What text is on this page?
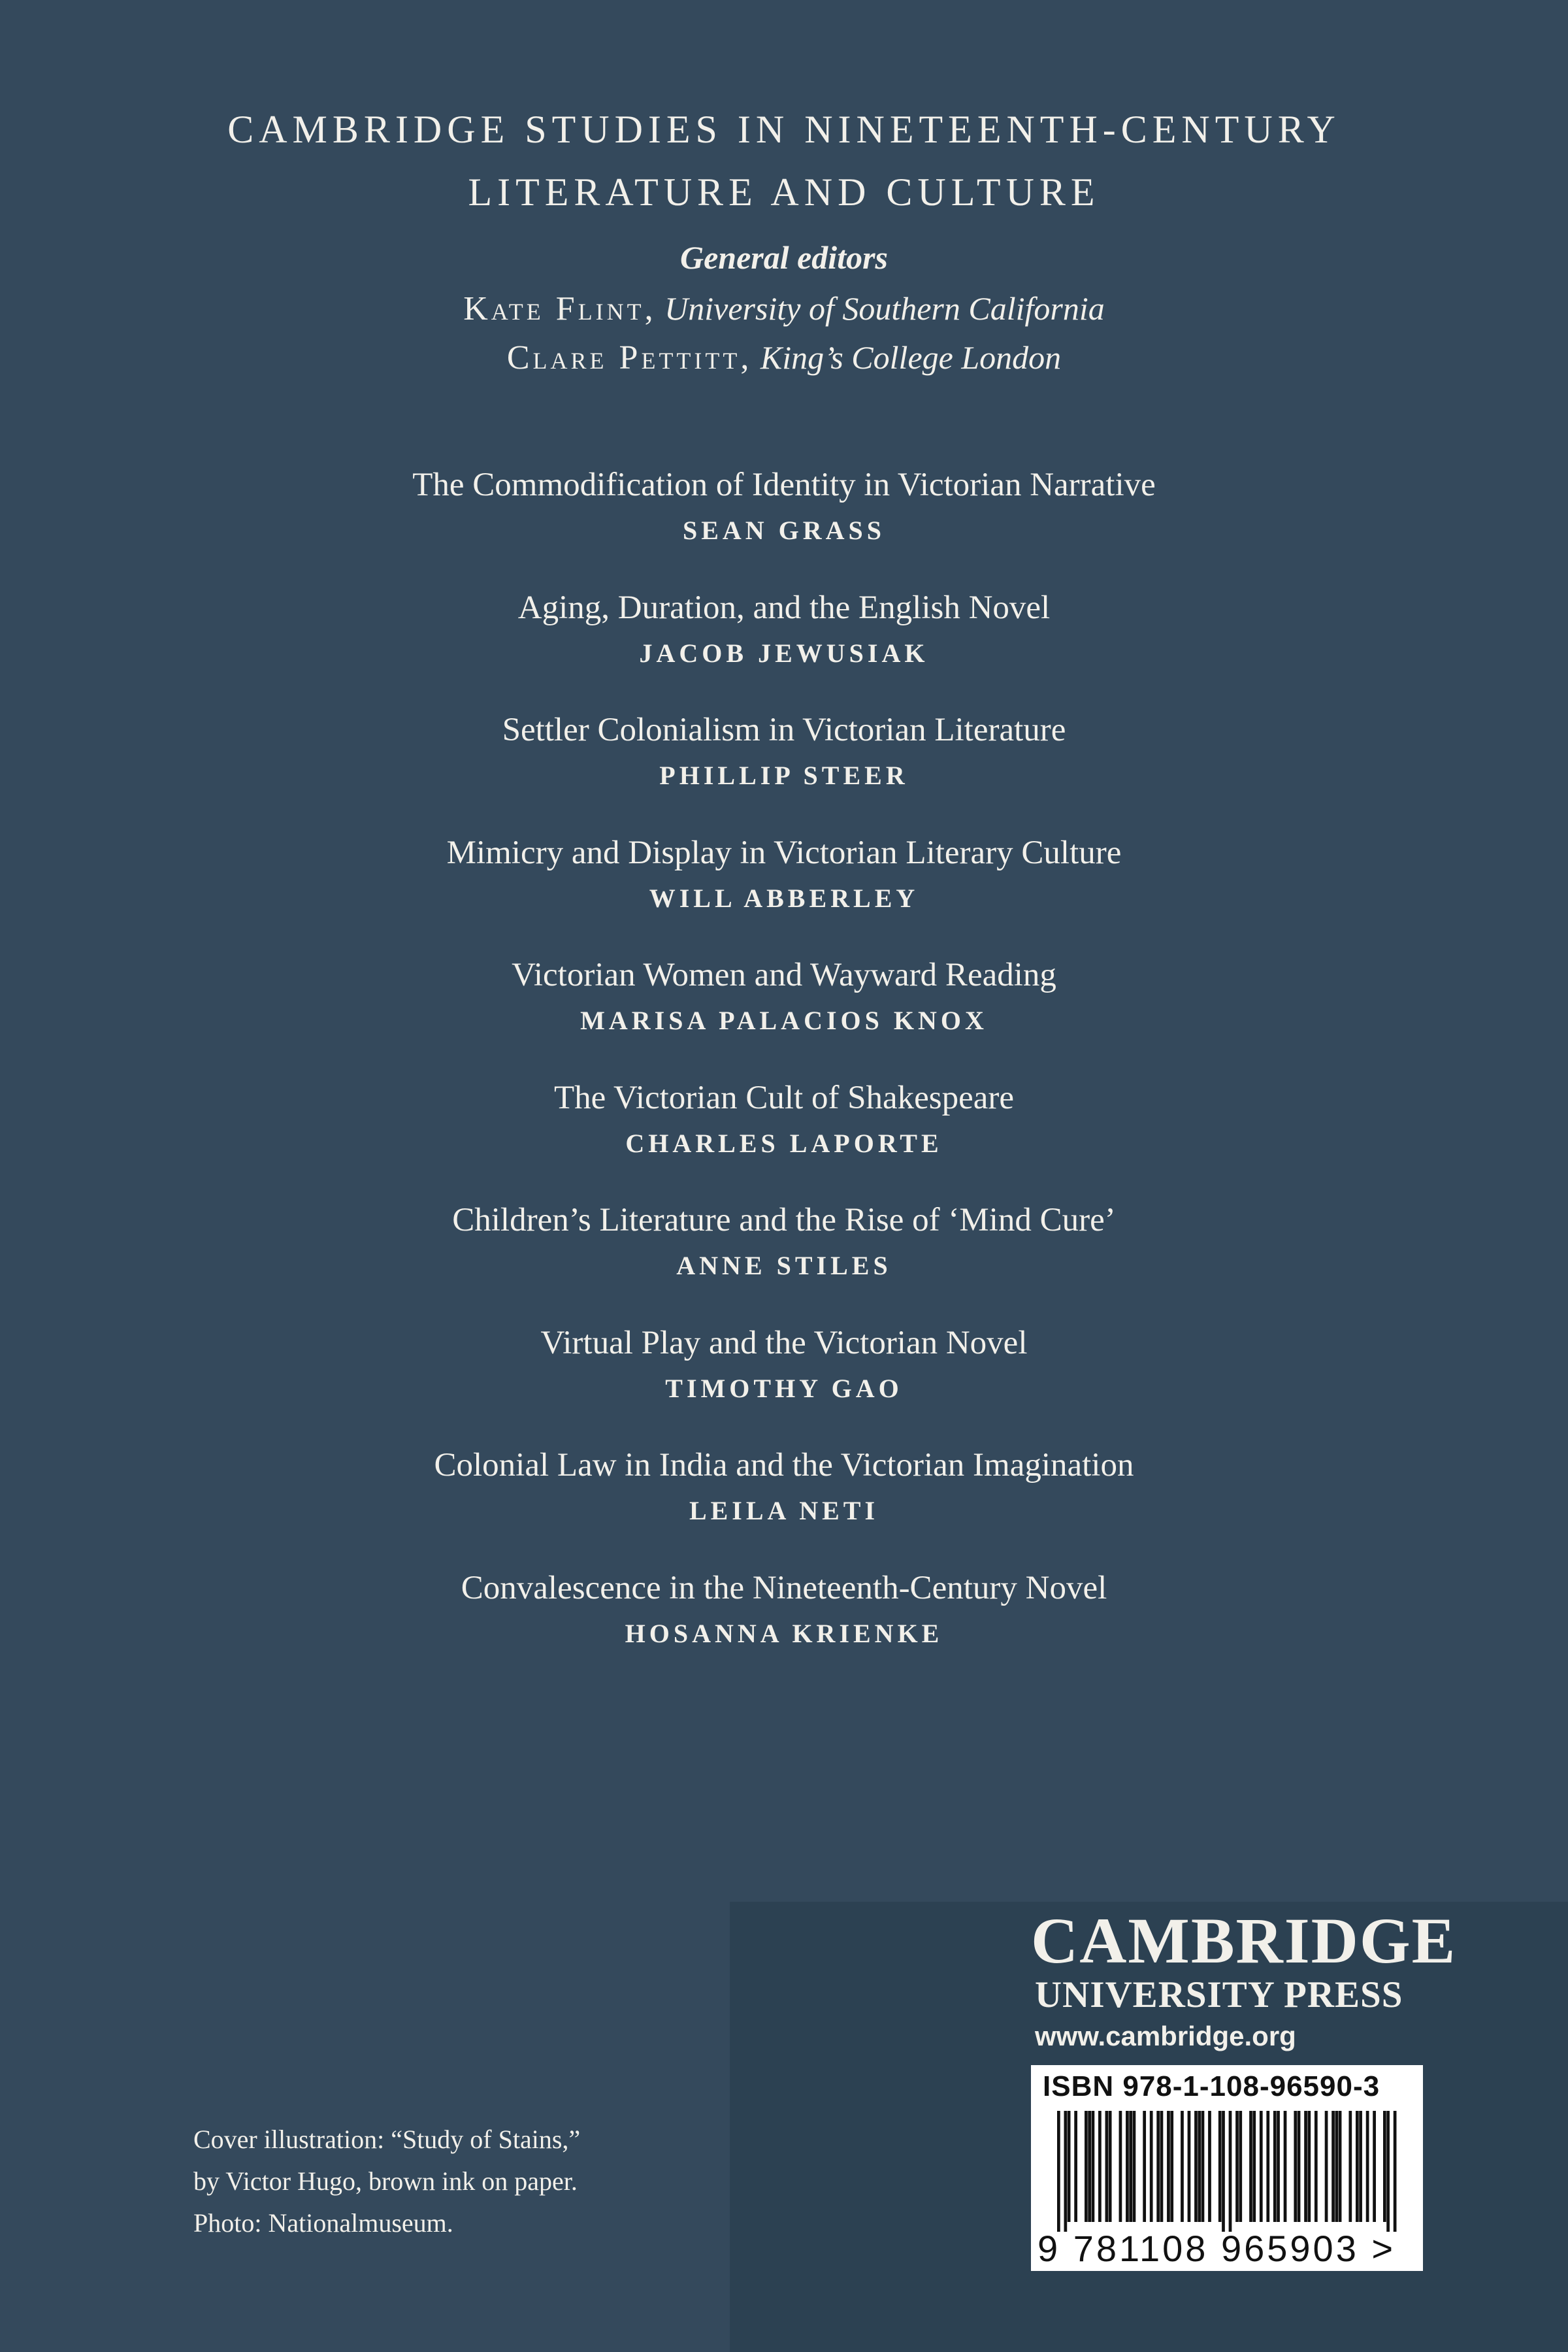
CAMBRIDGE STUDIES IN NINETEENTH-CENTURY
LITERATURE AND CULTURE
General editors
Kate Flint, University of Southern California
Clare Pettitt, King’s College London
The Commodification of Identity in Victorian Narrative
SEAN GRASS
Aging, Duration, and the English Novel
JACOB JEWUSIAK
Settler Colonialism in Victorian Literature
PHILLIP STEER
Mimicry and Display in Victorian Literary Culture
WILL ABBERLEY
Victorian Women and Wayward Reading
MARISA PALACIOS KNOX
The Victorian Cult of Shakespeare
CHARLES LAPORTE
Children’s Literature and the Rise of ‘Mind Cure’
ANNE STILES
Virtual Play and the Victorian Novel
TIMOTHY GAO
Colonial Law in India and the Victorian Imagination
LEILA NETI
Convalescence in the Nineteenth-Century Novel
HOSANNA KRIENKE
CAMBRIDGE
UNIVERSITY PRESS
www.cambridge.org
ISBN 978-1-108-96590-3
9 781108 965903 >
Cover illustration: “Study of Stains,”
by Victor Hugo, brown ink on paper.
Photo: Nationalmuseum.
